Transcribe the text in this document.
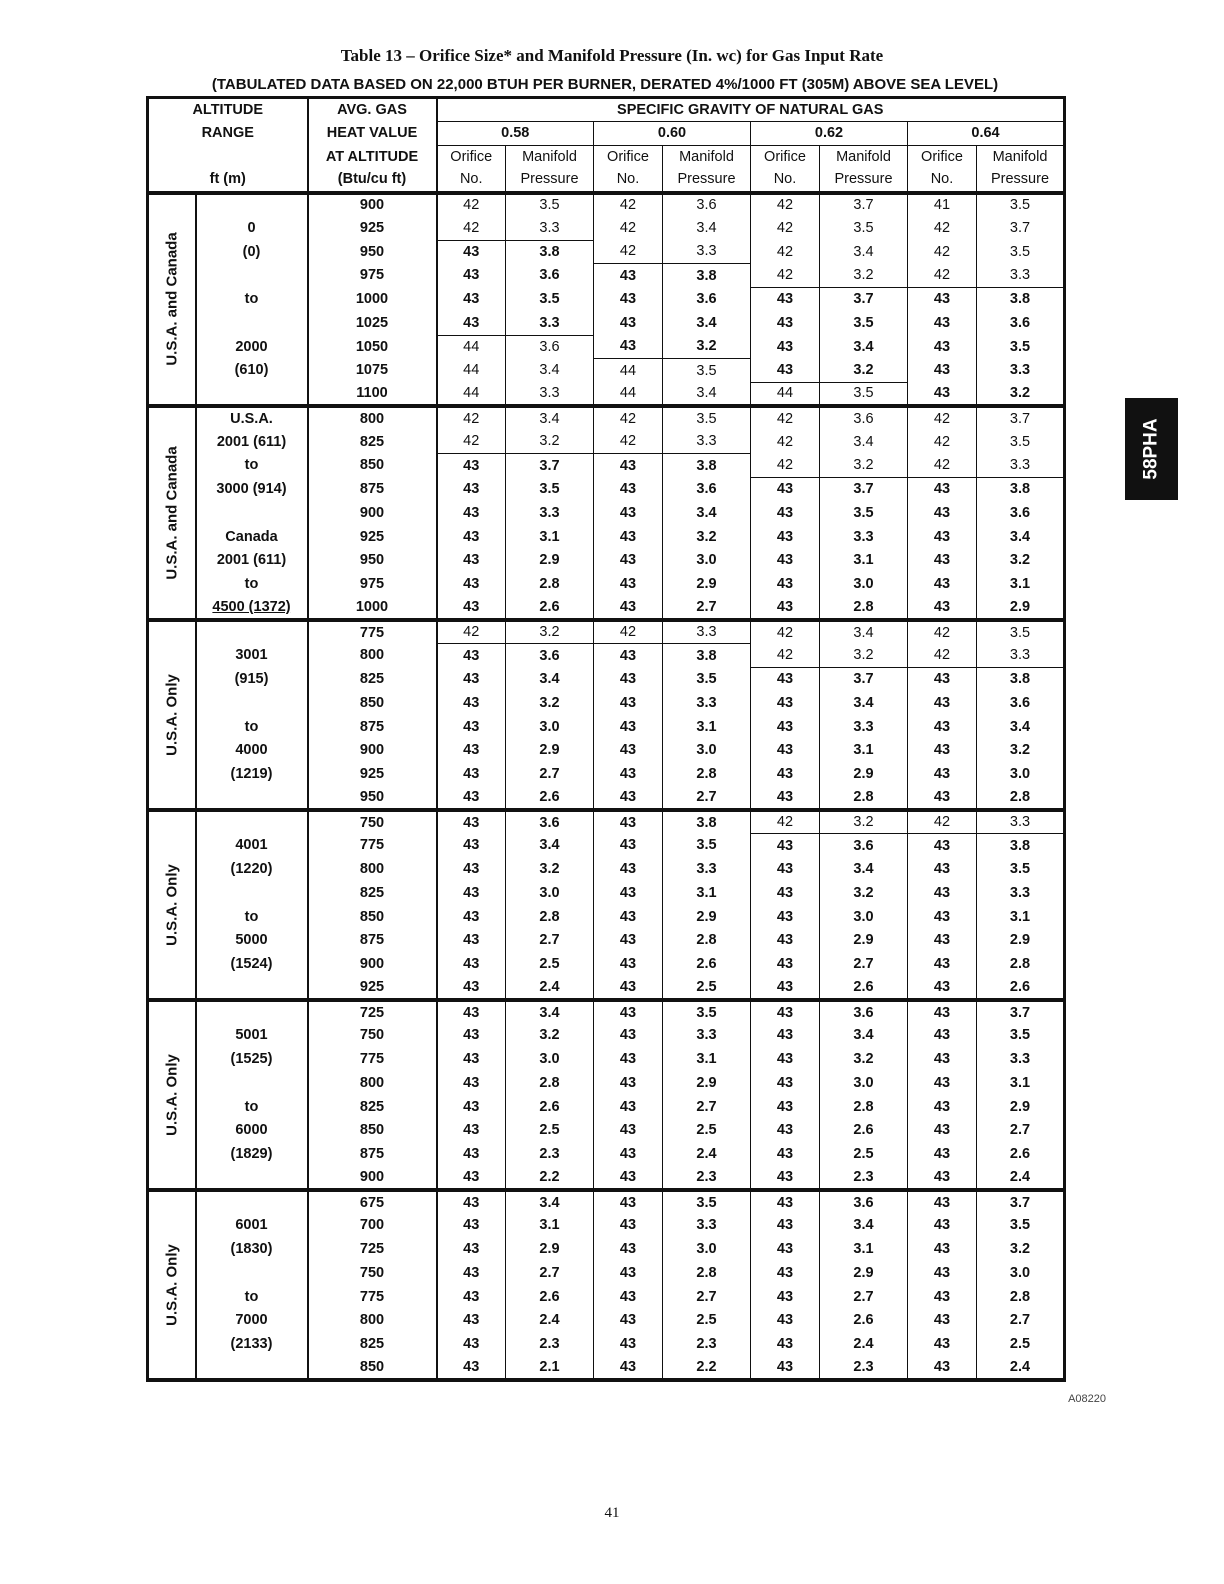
Table 13 – Orifice Size* and Manifold Pressure (In. wc) for Gas Input Rate
(TABULATED DATA BASED ON 22,000 BTUH PER BURNER, DERATED 4%/1000 FT (305M) ABOVE SEA LEVEL)
ALTITUDE		AVG. GAS	SPECIFIC GRAVITY OF NATURAL GAS							
RANGE		HEAT VALUE	0.58		0.60		0.62		0.64	
		AT ALTITUDE	Orifice	Manifold	Orifice	Manifold	Orifice	Manifold	Orifice	Manifold
ft (m)		(Btu/cu ft)	No.	Pressure	No.	Pressure	No.	Pressure	No.	Pressure

U.S.A. and Canada		900	42	3.5	42	3.6	42	3.7	41	3.5
	0	925	42	3.3	42	3.4	42	3.5	42	3.7
	(0)	950	43	3.8	42	3.3	42	3.4	42	3.5
		975	43	3.6	43	3.8	42	3.2	42	3.3
	to	1000	43	3.5	43	3.6	43	3.7	43	3.8
		1025	43	3.3	43	3.4	43	3.5	43	3.6
	2000	1050	44	3.6	43	3.2	43	3.4	43	3.5
	(610)	1075	44	3.4	44	3.5	43	3.2	43	3.3
		1100	44	3.3	44	3.4	44	3.5	43	3.2

U.S.A. and Canada	U.S.A.	800	42	3.4	42	3.5	42	3.6	42	3.7
	2001 (611)	825	42	3.2	42	3.3	42	3.4	42	3.5
	to	850	43	3.7	43	3.8	42	3.2	42	3.3
	3000 (914)	875	43	3.5	43	3.6	43	3.7	43	3.8
		900	43	3.3	43	3.4	43	3.5	43	3.6
	Canada	925	43	3.1	43	3.2	43	3.3	43	3.4
	2001 (611)	950	43	2.9	43	3.0	43	3.1	43	3.2
	to	975	43	2.8	43	2.9	43	3.0	43	3.1
	4500 (1372)	1000	43	2.6	43	2.7	43	2.8	43	2.9

U.S.A. Only		775	42	3.2	42	3.3	42	3.4	42	3.5
	3001	800	43	3.6	43	3.8	42	3.2	42	3.3
	(915)	825	43	3.4	43	3.5	43	3.7	43	3.8
		850	43	3.2	43	3.3	43	3.4	43	3.6
	to	875	43	3.0	43	3.1	43	3.3	43	3.4
	4000	900	43	2.9	43	3.0	43	3.1	43	3.2
	(1219)	925	43	2.7	43	2.8	43	2.9	43	3.0
		950	43	2.6	43	2.7	43	2.8	43	2.8

U.S.A. Only		750	43	3.6	43	3.8	42	3.2	42	3.3
	4001	775	43	3.4	43	3.5	43	3.6	43	3.8
	(1220)	800	43	3.2	43	3.3	43	3.4	43	3.5
		825	43	3.0	43	3.1	43	3.2	43	3.3
	to	850	43	2.8	43	2.9	43	3.0	43	3.1
	5000	875	43	2.7	43	2.8	43	2.9	43	2.9
	(1524)	900	43	2.5	43	2.6	43	2.7	43	2.8
		925	43	2.4	43	2.5	43	2.6	43	2.6

U.S.A. Only		725	43	3.4	43	3.5	43	3.6	43	3.7
	5001	750	43	3.2	43	3.3	43	3.4	43	3.5
	(1525)	775	43	3.0	43	3.1	43	3.2	43	3.3
		800	43	2.8	43	2.9	43	3.0	43	3.1
	to	825	43	2.6	43	2.7	43	2.8	43	2.9
	6000	850	43	2.5	43	2.5	43	2.6	43	2.7
	(1829)	875	43	2.3	43	2.4	43	2.5	43	2.6
		900	43	2.2	43	2.3	43	2.3	43	2.4

U.S.A. Only		675	43	3.4	43	3.5	43	3.6	43	3.7
	6001	700	43	3.1	43	3.3	43	3.4	43	3.5
	(1830)	725	43	2.9	43	3.0	43	3.1	43	3.2
		750	43	2.7	43	2.8	43	2.9	43	3.0
	to	775	43	2.6	43	2.7	43	2.7	43	2.8
	7000	800	43	2.4	43	2.5	43	2.6	43	2.7
	(2133)	825	43	2.3	43	2.3	43	2.4	43	2.5
		850	43	2.1	43	2.2	43	2.3	43	2.4
58PHA
A08220
41
